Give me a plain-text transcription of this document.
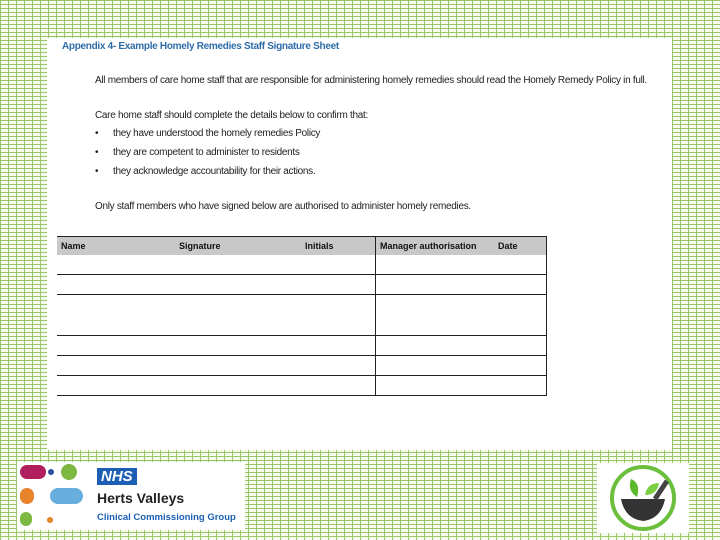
Appendix 4- Example Homely Remedies Staff Signature Sheet
All members of care home staff that are responsible for administering homely remedies should read the Homely Remedy Policy in full.
Care home staff should complete the details below to confirm that:
• they have understood the homely remedies Policy
• they are competent to administer to residents
• they acknowledge accountability for their actions.
Only staff members who have signed below are authorised to administer homely remedies.
Name	Signature	Initials	Manager authorisation	Date

NHS
Herts Valleys
Clinical Commissioning Group
